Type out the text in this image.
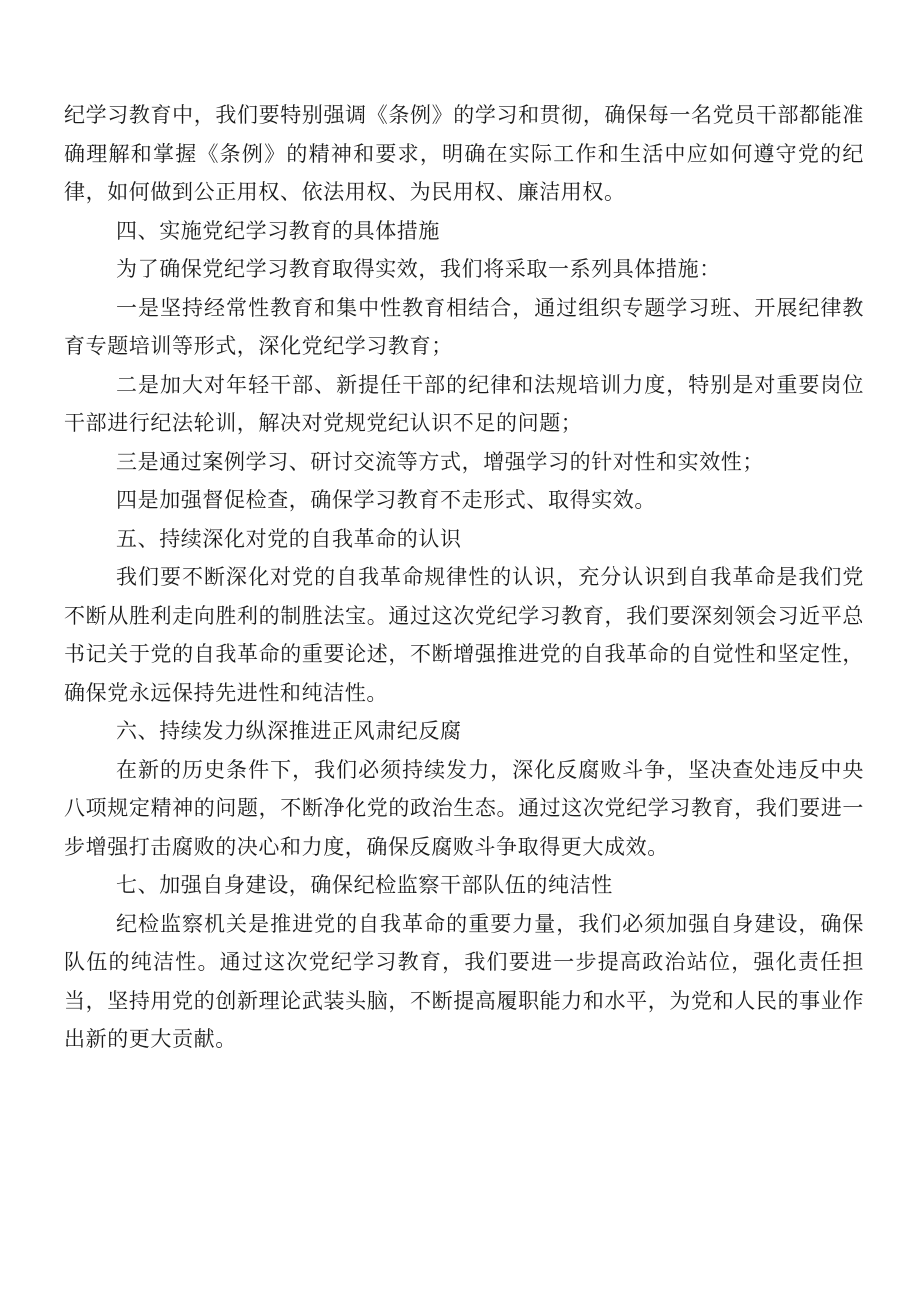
纪学习教育中，我们要特别强调《条例》的学习和贯彻，确保每一名党员干部都能准确理解和掌握《条例》的精神和要求，明确在实际工作和生活中应如何遵守党的纪律，如何做到公正用权、依法用权、为民用权、廉洁用权。

四、实施党纪学习教育的具体措施

为了确保党纪学习教育取得实效，我们将采取一系列具体措施：

一是坚持经常性教育和集中性教育相结合，通过组织专题学习班、开展纪律教育专题培训等形式，深化党纪学习教育；

二是加大对年轻干部、新提任干部的纪律和法规培训力度，特别是对重要岗位干部进行纪法轮训，解决对党规党纪认识不足的问题；

三是通过案例学习、研讨交流等方式，增强学习的针对性和实效性；

四是加强督促检查，确保学习教育不走形式、取得实效。

五、持续深化对党的自我革命的认识

我们要不断深化对党的自我革命规律性的认识，充分认识到自我革命是我们党不断从胜利走向胜利的制胜法宝。通过这次党纪学习教育，我们要深刻领会习近平总书记关于党的自我革命的重要论述，不断增强推进党的自我革命的自觉性和坚定性，确保党永远保持先进性和纯洁性。

六、持续发力纵深推进正风肃纪反腐

在新的历史条件下，我们必须持续发力，深化反腐败斗争，坚决查处违反中央八项规定精神的问题，不断净化党的政治生态。通过这次党纪学习教育，我们要进一步增强打击腐败的决心和力度，确保反腐败斗争取得更大成效。

七、加强自身建设，确保纪检监察干部队伍的纯洁性

纪检监察机关是推进党的自我革命的重要力量，我们必须加强自身建设，确保队伍的纯洁性。通过这次党纪学习教育，我们要进一步提高政治站位，强化责任担当，坚持用党的创新理论武装头脑，不断提高履职能力和水平，为党和人民的事业作出新的更大贡献。
